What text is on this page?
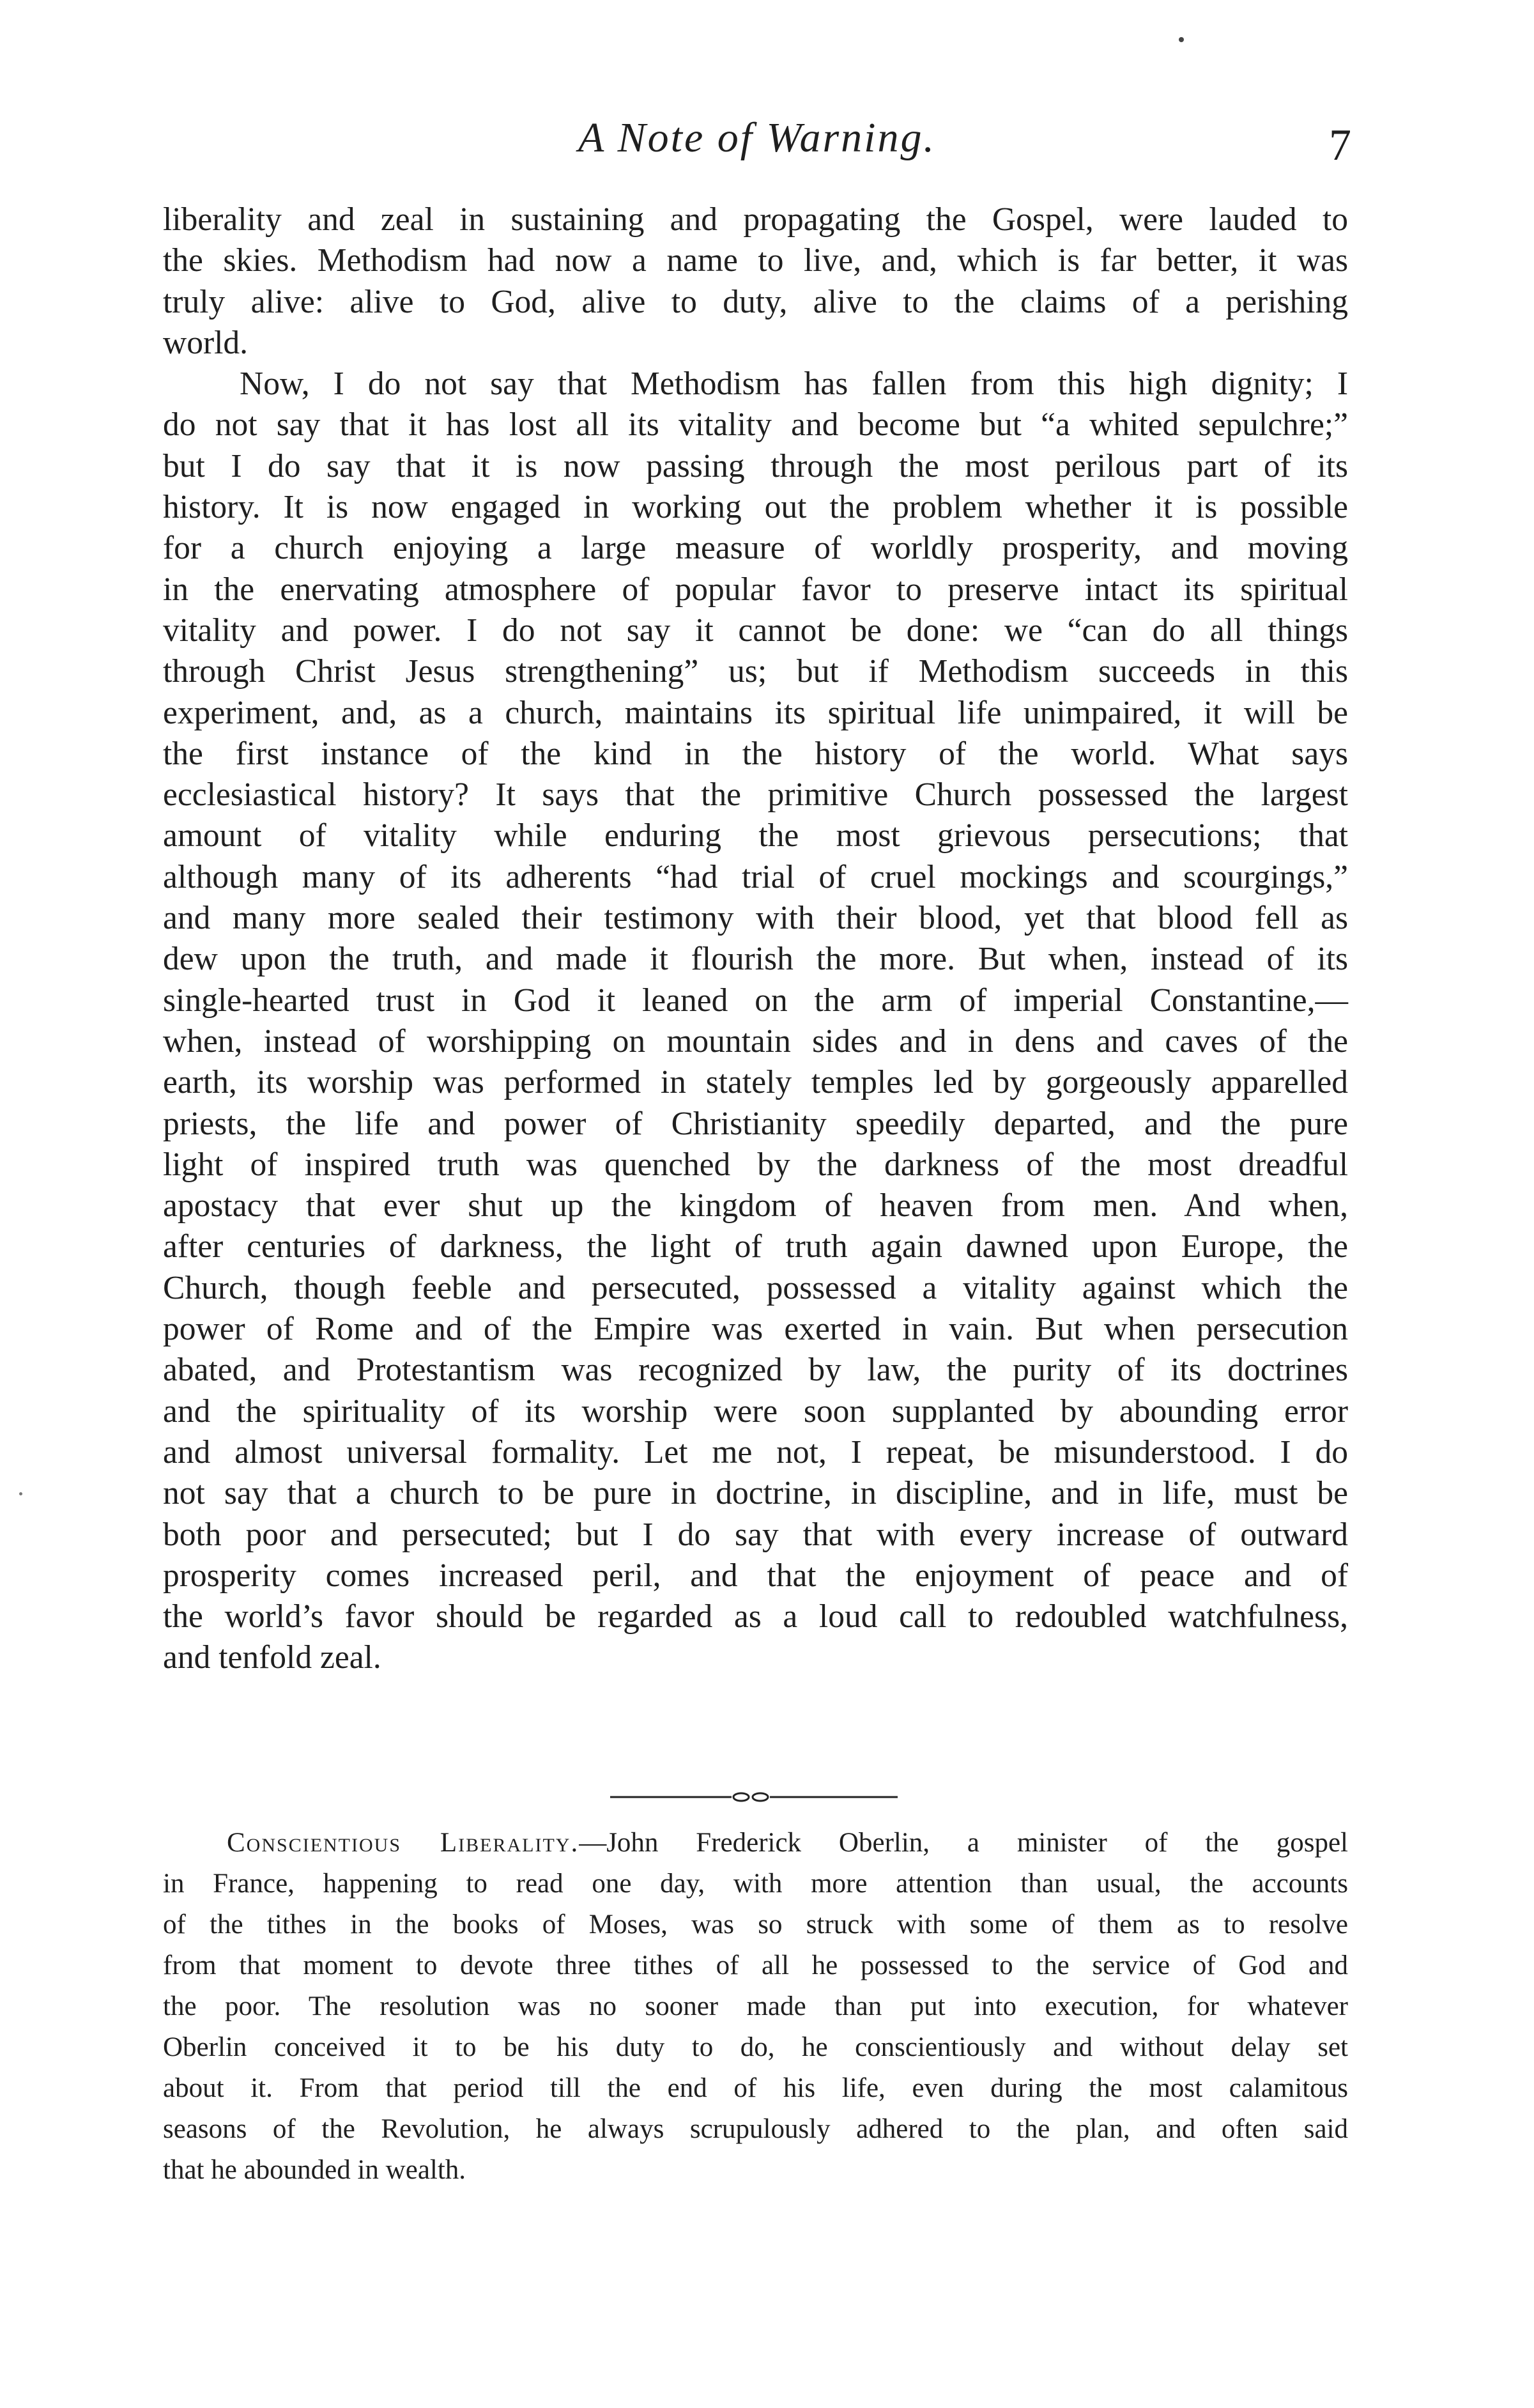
A Note of Warning.	7
liberality and zeal in sustaining and propagating the Gospel, were lauded to
the skies. Methodism had now a name to live, and, which is far better, it was
truly alive: alive to God, alive to duty, alive to the claims of a perishing
world.
Now, I do not say that Methodism has fallen from this high dignity; I
do not say that it has lost all its vitality and become but “a whited sepulchre;”
but I do say that it is now passing through the most perilous part of its
history. It is now engaged in working out the problem whether it is possible
for a church enjoying a large measure of worldly prosperity, and moving
in the enervating atmosphere of popular favor to preserve intact its spiritual
vitality and power. I do not say it cannot be done: we “can do all things
through Christ Jesus strengthening” us; but if Methodism succeeds in this
experiment, and, as a church, maintains its spiritual life unimpaired, it will be
the first instance of the kind in the history of the world. What says
ecclesiastical history? It says that the primitive Church possessed the largest
amount of vitality while enduring the most grievous persecutions; that
although many of its adherents “had trial of cruel mockings and scourgings,”
and many more sealed their testimony with their blood, yet that blood fell as
dew upon the truth, and made it flourish the more. But when, instead of its
single-hearted trust in God it leaned on the arm of imperial Constantine,—
when, instead of worshipping on mountain sides and in dens and caves of the
earth, its worship was performed in stately temples led by gorgeously apparelled
priests, the life and power of Christianity speedily departed, and the pure
light of inspired truth was quenched by the darkness of the most dreadful
apostacy that ever shut up the kingdom of heaven from men. And when,
after centuries of darkness, the light of truth again dawned upon Europe, the
Church, though feeble and persecuted, possessed a vitality against which the
power of Rome and of the Empire was exerted in vain. But when persecution
abated, and Protestantism was recognized by law, the purity of its doctrines
and the spirituality of its worship were soon supplanted by abounding error
and almost universal formality. Let me not, I repeat, be misunderstood. I do
not say that a church to be pure in doctrine, in discipline, and in life, must be
both poor and persecuted; but I do say that with every increase of outward
prosperity comes increased peril, and that the enjoyment of peace and of
the world’s favor should be regarded as a loud call to redoubled watchfulness,
and tenfold zeal.
Conscientious Liberality.—John Frederick Oberlin, a minister of the gospel
in France, happening to read one day, with more attention than usual, the accounts
of the tithes in the books of Moses, was so struck with some of them as to resolve
from that moment to devote three tithes of all he possessed to the service of God and
the poor. The resolution was no sooner made than put into execution, for whatever
Oberlin conceived it to be his duty to do, he conscientiously and without delay set
about it. From that period till the end of his life, even during the most calamitous
seasons of the Revolution, he always scrupulously adhered to the plan, and often said
that he abounded in wealth.
